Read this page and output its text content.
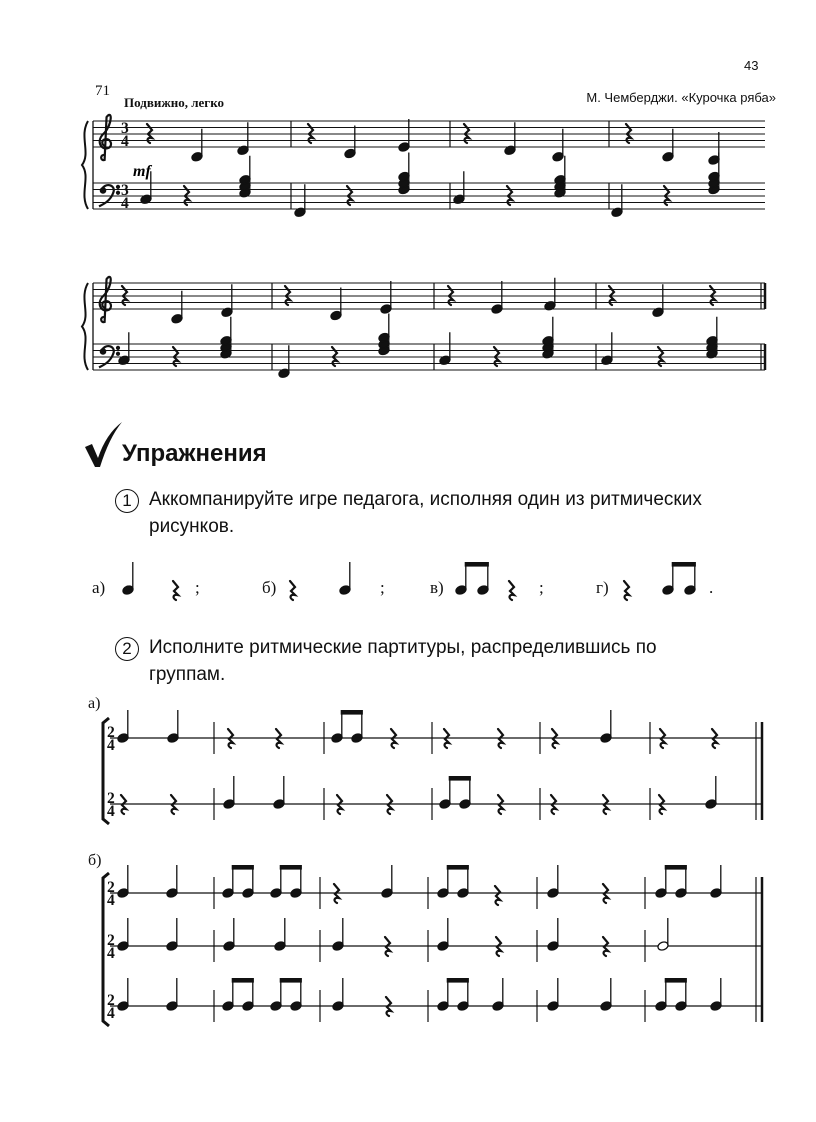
43
71
Подвижно, легко	М. Чемберджи. «Курочка ряба»
3
4
3
4
2
4
2
4
2
4
2
4
2
4
mf
Упражнения
1 Аккомпанируйте игре педагога, исполняя один из ритмических рисунков.
а)	;	б)	;	в)	;	г)	.
2 Исполните ритмические партитуры, распределившись по группам.
а)
б)
